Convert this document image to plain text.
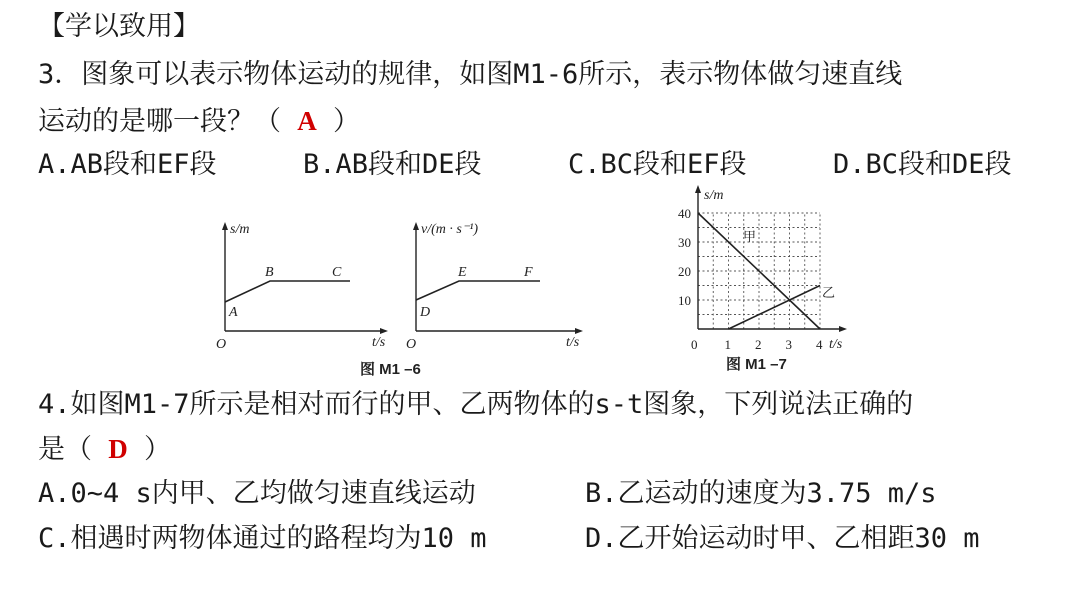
【学以致用】
3．图象可以表示物体运动的规律，如图M1-6所示，表示物体做匀速直线
运动的是哪一段？（ A ）
A.AB段和EF段	B.AB段和DE段	C.BC段和EF段	D.BC段和DE段
s/m
t/s
O
A
B	C
v/(m · s⁻¹)
t/s
O
D
E	F
图 M1 –6
s/m
t/s
40
30
20
10
0 1 2 3 4
甲
乙
图 M1 –7
4.如图M1-7所示是相对而行的甲、乙两物体的s-t图象，下列说法正确的
是（ D ）
A.0~4 s内甲、乙均做匀速直线运动	B.乙运动的速度为3.75 m/s
C.相遇时两物体通过的路程均为10 m	D.乙开始运动时甲、乙相距30 m
